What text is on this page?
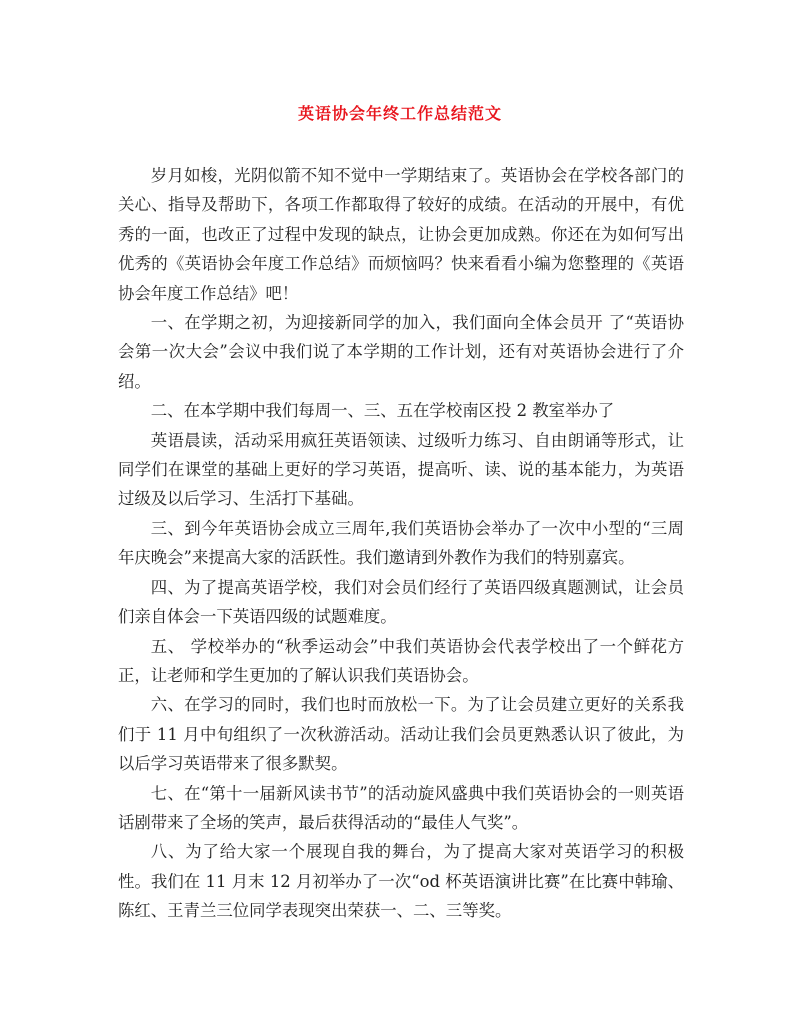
英语协会年终工作总结范文

岁月如梭，光阴似箭不知不觉中一学期结束了。英语协会在学校各部门的关心、指导及帮助下，各项工作都取得了较好的成绩。在活动的开展中，有优秀的一面，也改正了过程中发现的缺点，让协会更加成熟。你还在为如何写出优秀的《英语协会年度工作总结》而烦恼吗？快来看看小编为您整理的《英语协会年度工作总结》吧！

一、在学期之初，为迎接新同学的加入，我们面向全体会员开 了“英语协会第一次大会”会议中我们说了本学期的工作计划，还有对英语协会进行了介绍。

二、在本学期中我们每周一、三、五在学校南区投 2 教室举办了

英语晨读，活动采用疯狂英语领读、过级听力练习、自由朗诵等形式，让同学们在课堂的基础上更好的学习英语，提高听、读、说的基本能力，为英语过级及以后学习、生活打下基础。

三、到今年英语协会成立三周年,我们英语协会举办了一次中小型的“三周年庆晚会”来提高大家的活跃性。我们邀请到外教作为我们的特别嘉宾。

四、为了提高英语学校，我们对会员们经行了英语四级真题测试，让会员们亲自体会一下英语四级的试题难度。

五、 学校举办的“秋季运动会”中我们英语协会代表学校出了一个鲜花方正，让老师和学生更加的了解认识我们英语协会。

六、在学习的同时，我们也时而放松一下。为了让会员建立更好的关系我们于 11 月中旬组织了一次秋游活动。活动让我们会员更熟悉认识了彼此，为以后学习英语带来了很多默契。

七、在“第十一届新风读书节”的活动旋风盛典中我们英语协会的一则英语话剧带来了全场的笑声，最后获得活动的“最佳人气奖”。

八、为了给大家一个展现自我的舞台，为了提高大家对英语学习的积极性。我们在 11 月末 12 月初举办了一次“od 杯英语演讲比赛”在比赛中韩瑜、陈红、王青兰三位同学表现突出荣获一、二、三等奖。
